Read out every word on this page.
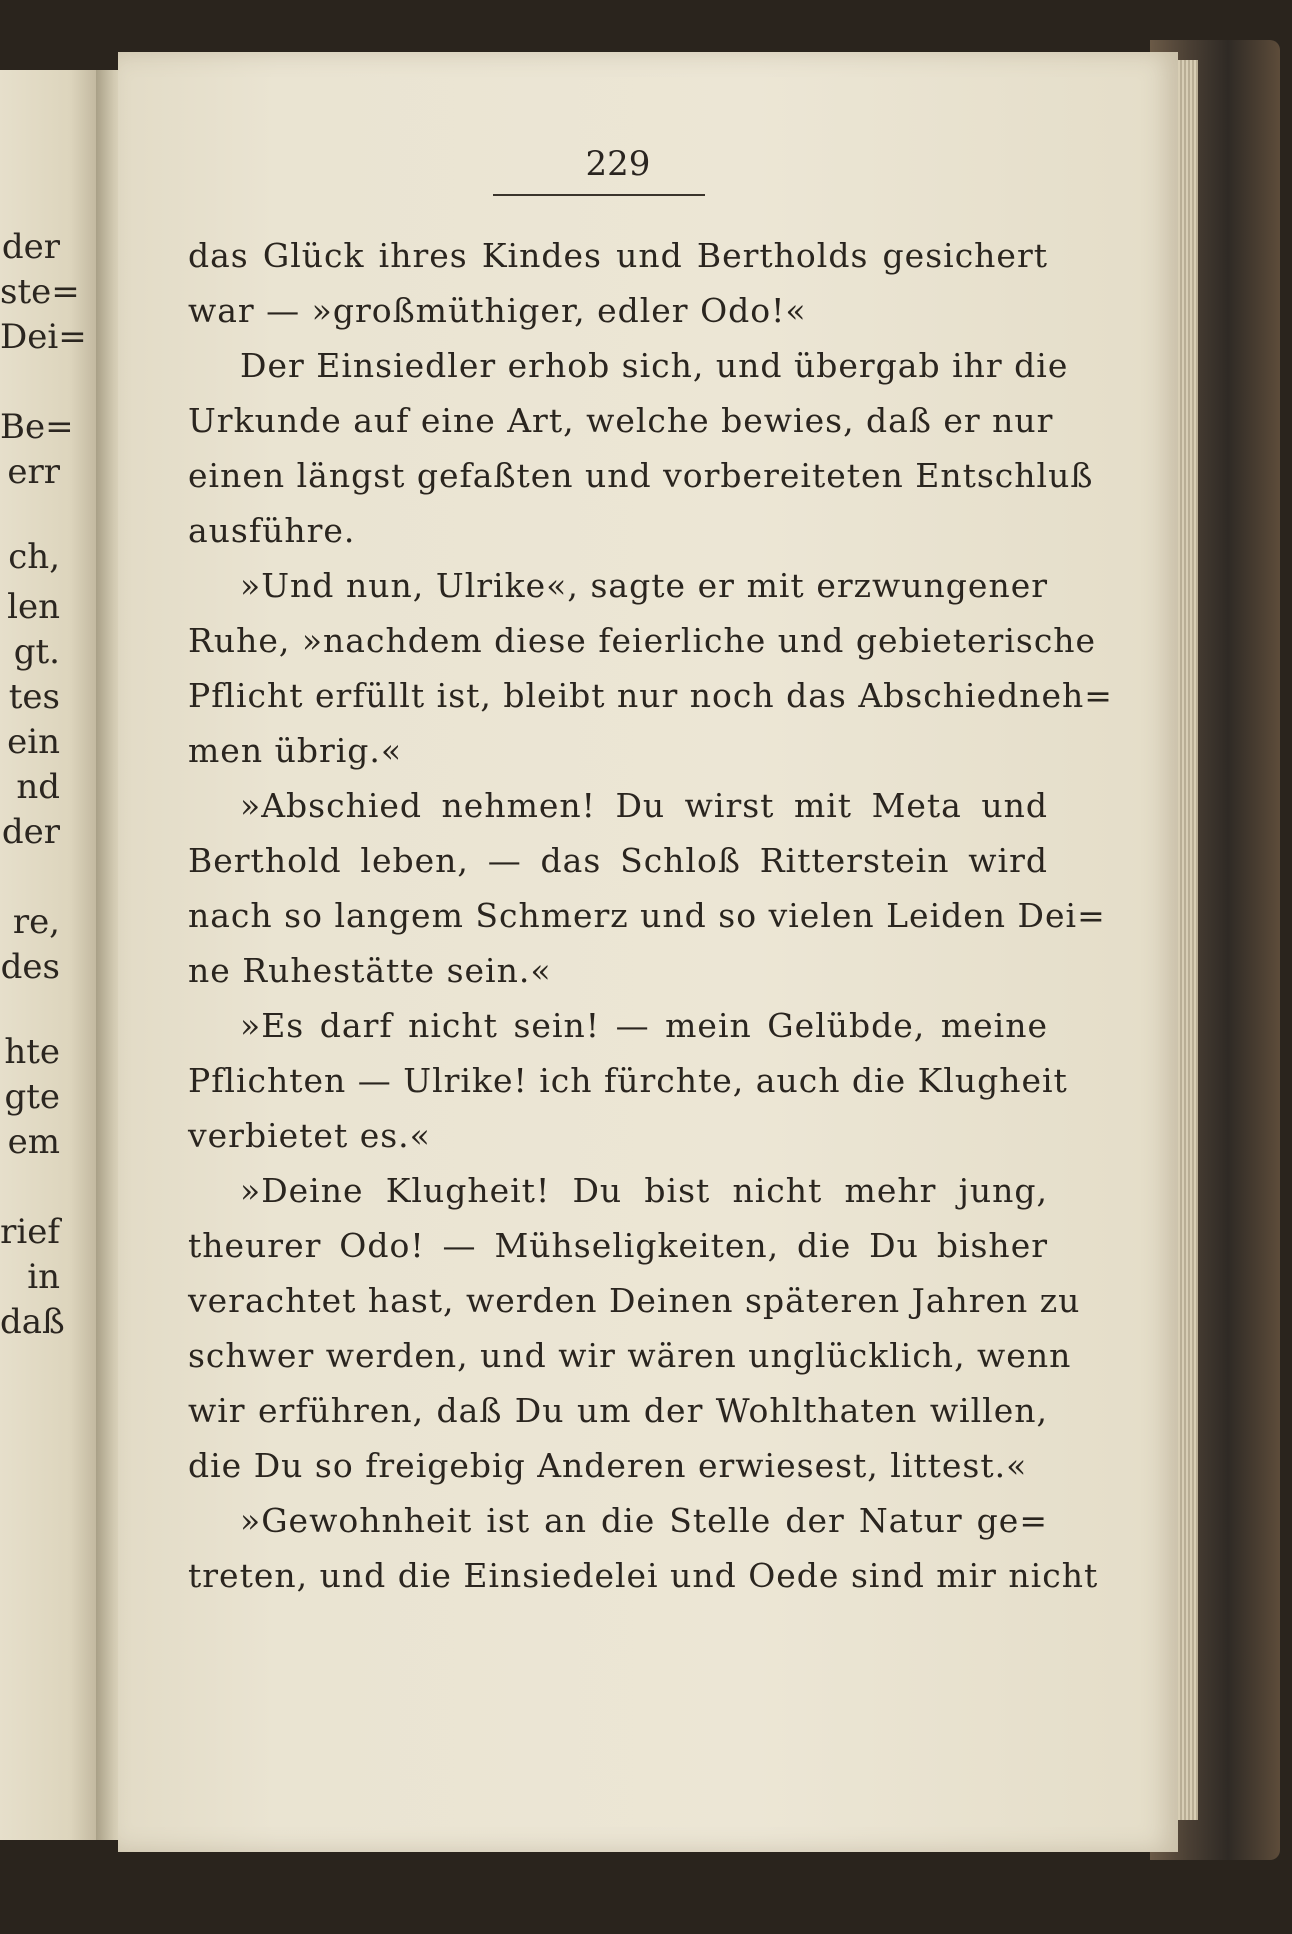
der
ste=
Dei=
Be=
err
ch,
len
gt.
tes
ein
nd
der
re,
des
hte
gte
em
rief
in
daß
229
das Glück ihres Kindes und Bertholds gesichert
war — »großmüthiger, edler Odo!«
Der Einsiedler erhob sich, und übergab ihr die
Urkunde auf eine Art, welche bewies, daß er nur
einen längst gefaßten und vorbereiteten Entschluß
ausführe.
»Und nun, Ulrike«, sagte er mit erzwungener
Ruhe, »nachdem diese feierliche und gebieterische
Pflicht erfüllt ist, bleibt nur noch das Abschiedneh=
men übrig.«
»Abschied nehmen! Du wirst mit Meta und
Berthold leben, — das Schloß Ritterstein wird
nach so langem Schmerz und so vielen Leiden Dei=
ne Ruhestätte sein.«
»Es darf nicht sein! — mein Gelübde, meine
Pflichten — Ulrike! ich fürchte, auch die Klugheit
verbietet es.«
»Deine Klugheit! Du bist nicht mehr jung,
theurer Odo! — Mühseligkeiten, die Du bisher
verachtet hast, werden Deinen späteren Jahren zu
schwer werden, und wir wären unglücklich, wenn
wir erführen, daß Du um der Wohlthaten willen,
die Du so freigebig Anderen erwiesest, littest.«
»Gewohnheit ist an die Stelle der Natur ge=
treten, und die Einsiedelei und Oede sind mir nicht
